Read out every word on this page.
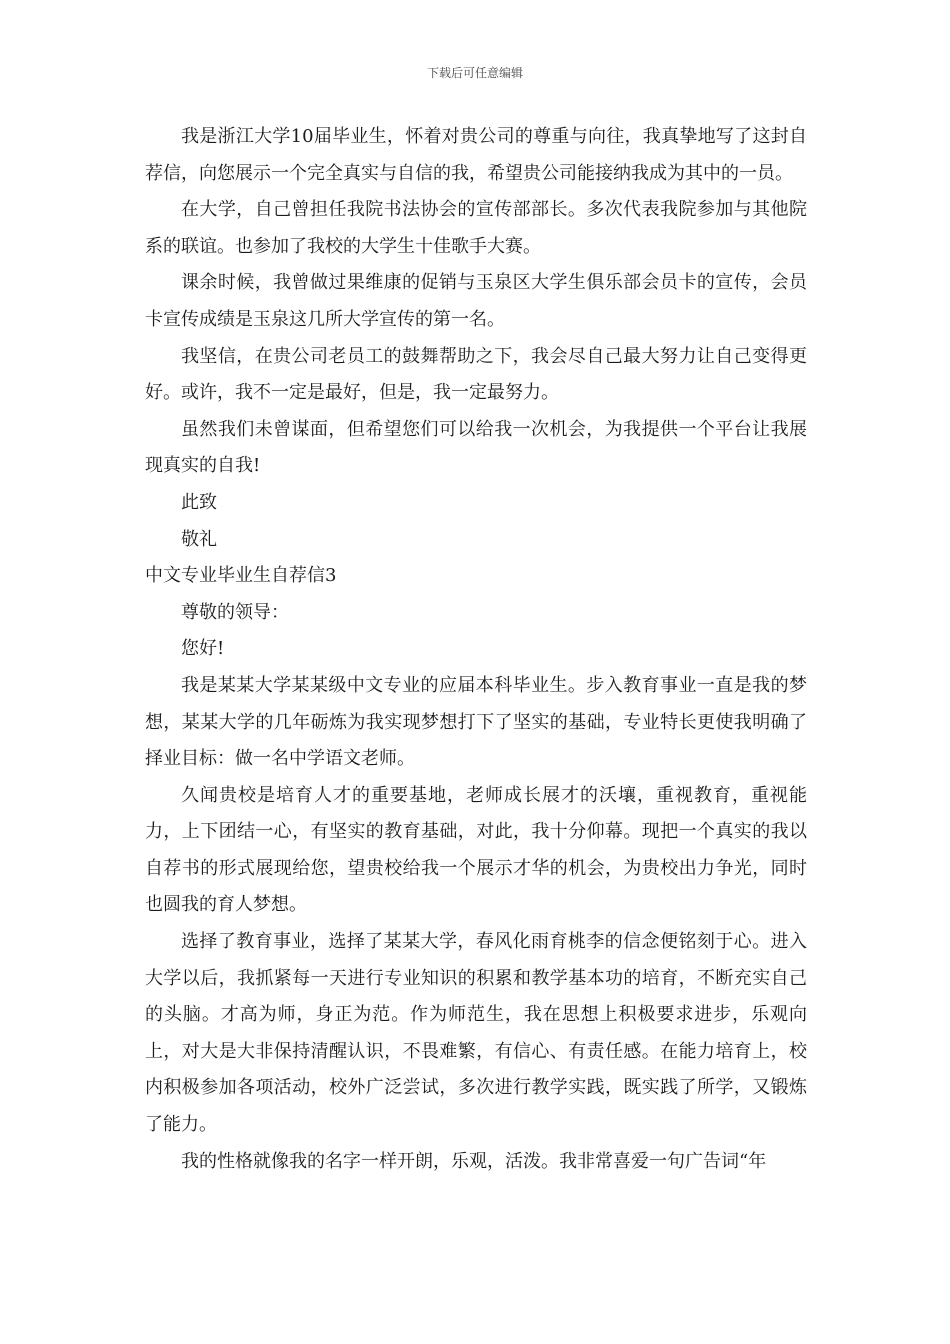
下载后可任意编辑

我是浙江大学10届毕业生，怀着对贵公司的尊重与向往，我真挚地写了这封自荐信，向您展示一个完全真实与自信的我，希望贵公司能接纳我成为其中的一员。

在大学，自己曾担任我院书法协会的宣传部部长。多次代表我院参加与其他院系的联谊。也参加了我校的大学生十佳歌手大赛。

课余时候，我曾做过果维康的促销与玉泉区大学生俱乐部会员卡的宣传，会员卡宣传成绩是玉泉这几所大学宣传的第一名。

我坚信，在贵公司老员工的鼓舞帮助之下，我会尽自己最大努力让自己变得更好。或许，我不一定是最好，但是，我一定最努力。

虽然我们未曾谋面，但希望您们可以给我一次机会，为我提供一个平台让我展现真实的自我!

此致

敬礼

中文专业毕业生自荐信3

尊敬的领导：

您好!

我是某某大学某某级中文专业的应届本科毕业生。步入教育事业一直是我的梦想，某某大学的几年砺炼为我实现梦想打下了坚实的基础，专业特长更使我明确了择业目标：做一名中学语文老师。

久闻贵校是培育人才的重要基地，老师成长展才的沃壤，重视教育，重视能力，上下团结一心，有坚实的教育基础，对此，我十分仰幕。现把一个真实的我以自荐书的形式展现给您，望贵校给我一个展示才华的机会，为贵校出力争光，同时也圆我的育人梦想。

选择了教育事业，选择了某某大学，春风化雨育桃李的信念便铭刻于心。进入大学以后，我抓紧每一天进行专业知识的积累和教学基本功的培育，不断充实自己的头脑。才高为师，身正为范。作为师范生，我在思想上积极要求进步，乐观向上，对大是大非保持清醒认识，不畏难繁，有信心、有责任感。在能力培育上，校内积极参加各项活动，校外广泛尝试，多次进行教学实践，既实践了所学，又锻炼了能力。

我的性格就像我的名字一样开朗，乐观，活泼。我非常喜爱一句广告词“年
